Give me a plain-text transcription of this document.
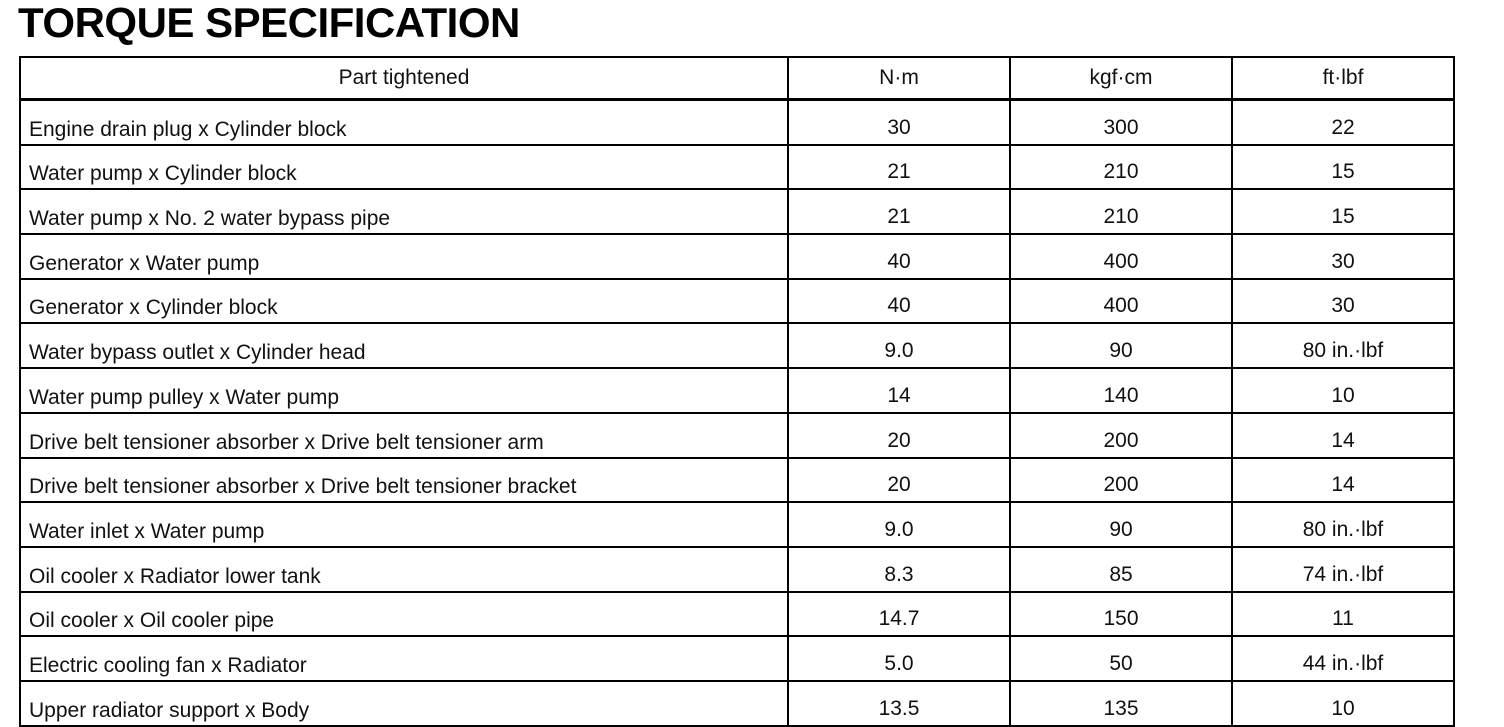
TORQUE SPECIFICATION
Part tightened	N·m	kgf·cm	ft·lbf
Engine drain plug x Cylinder block	30	300	22
Water pump x Cylinder block	21	210	15
Water pump x No. 2 water bypass pipe	21	210	15
Generator x Water pump	40	400	30
Generator x Cylinder block	40	400	30
Water bypass outlet x Cylinder head	9.0	90	80 in.·lbf
Water pump pulley x Water pump	14	140	10
Drive belt tensioner absorber x Drive belt tensioner arm	20	200	14
Drive belt tensioner absorber x Drive belt tensioner bracket	20	200	14
Water inlet x Water pump	9.0	90	80 in.·lbf
Oil cooler x Radiator lower tank	8.3	85	74 in.·lbf
Oil cooler x Oil cooler pipe	14.7	150	11
Electric cooling fan x Radiator	5.0	50	44 in.·lbf
Upper radiator support x Body	13.5	135	10
